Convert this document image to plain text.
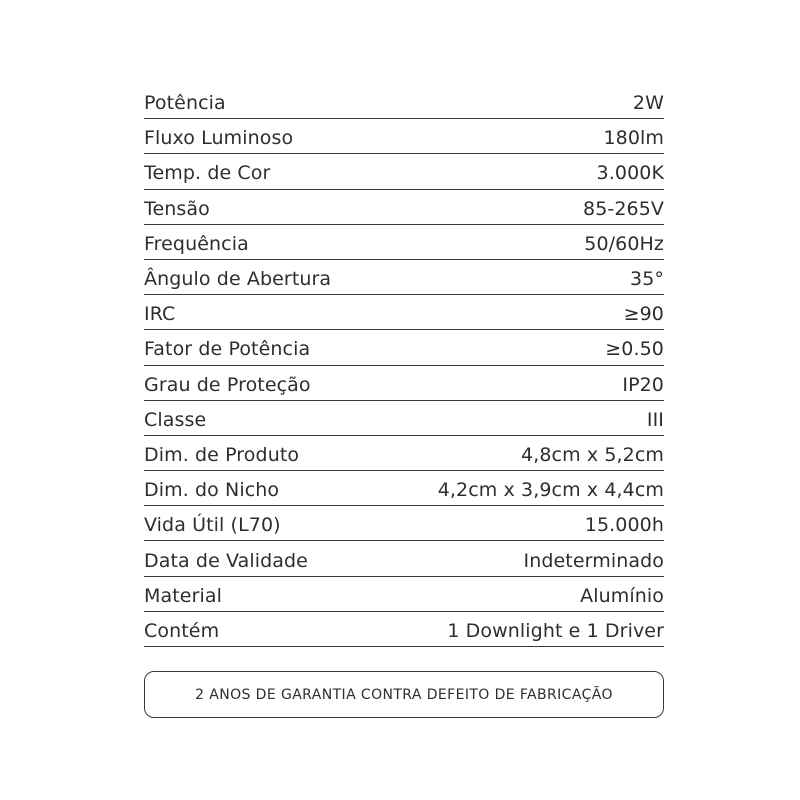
Potência	2W
Fluxo Luminoso	180lm
Temp. de Cor	3.000K
Tensão	85-265V
Frequência	50/60Hz
Ângulo de Abertura	35°
IRC	≥90
Fator de Potência	≥0.50
Grau de Proteção	IP20
Classe	III
Dim. de Produto	4,8cm x 5,2cm
Dim. do Nicho	4,2cm x 3,9cm x 4,4cm
Vida Útil (L70)	15.000h
Data de Validade	Indeterminado
Material	Alumínio
Contém	1 Downlight e 1 Driver
2 ANOS DE GARANTIA CONTRA DEFEITO DE FABRICAÇÃO
